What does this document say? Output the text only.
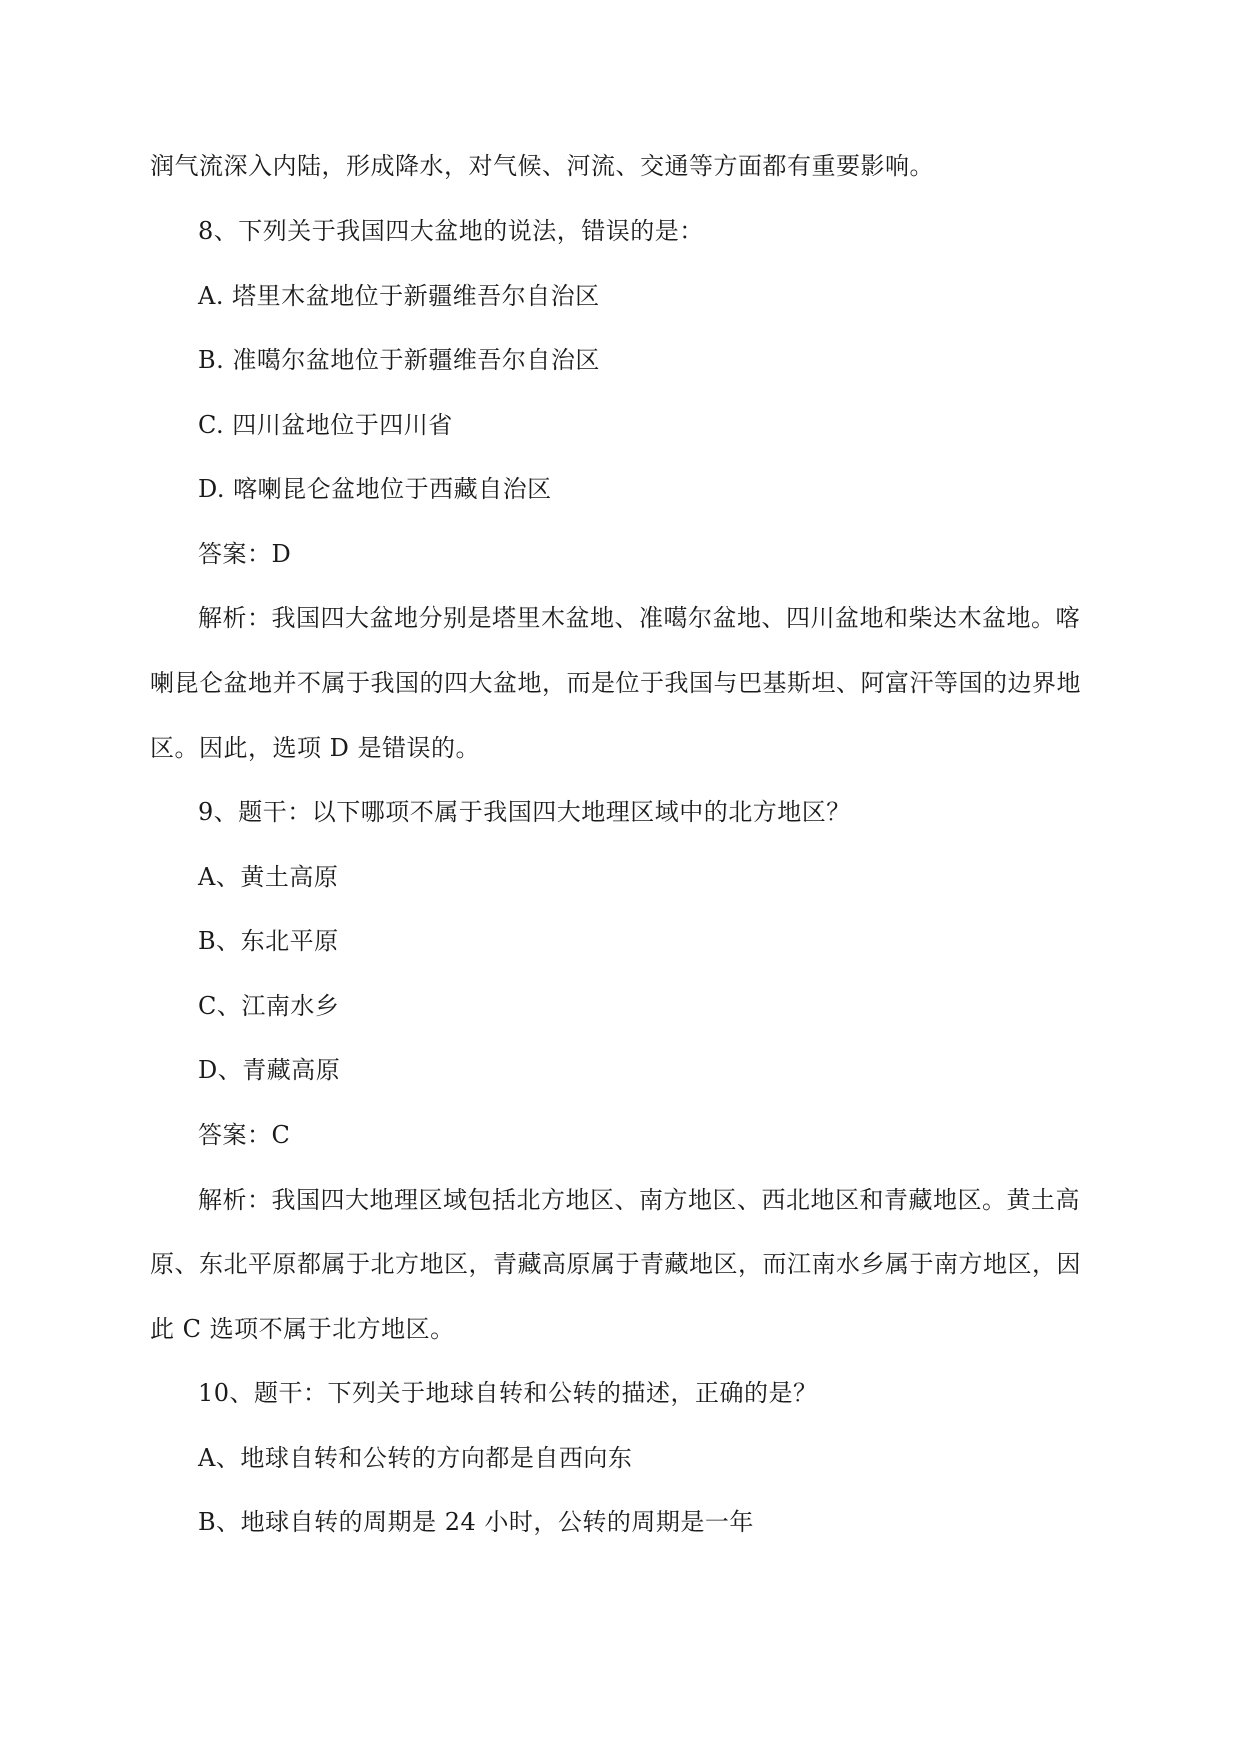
润气流深入内陆，形成降水，对气候、河流、交通等方面都有重要影响。
8、下列关于我国四大盆地的说法，错误的是：
A. 塔里木盆地位于新疆维吾尔自治区
B. 准噶尔盆地位于新疆维吾尔自治区
C. 四川盆地位于四川省
D. 喀喇昆仑盆地位于西藏自治区
答案：D
解析：我国四大盆地分别是塔里木盆地、准噶尔盆地、四川盆地和柴达木盆地。喀
喇昆仑盆地并不属于我国的四大盆地，而是位于我国与巴基斯坦、阿富汗等国的边界地
区。因此，选项 D 是错误的。
9、题干：以下哪项不属于我国四大地理区域中的北方地区？
A、黄土高原
B、东北平原
C、江南水乡
D、青藏高原
答案：C
解析：我国四大地理区域包括北方地区、南方地区、西北地区和青藏地区。黄土高
原、东北平原都属于北方地区，青藏高原属于青藏地区，而江南水乡属于南方地区，因
此 C 选项不属于北方地区。
10、题干：下列关于地球自转和公转的描述，正确的是？
A、地球自转和公转的方向都是自西向东
B、地球自转的周期是 24 小时，公转的周期是一年
